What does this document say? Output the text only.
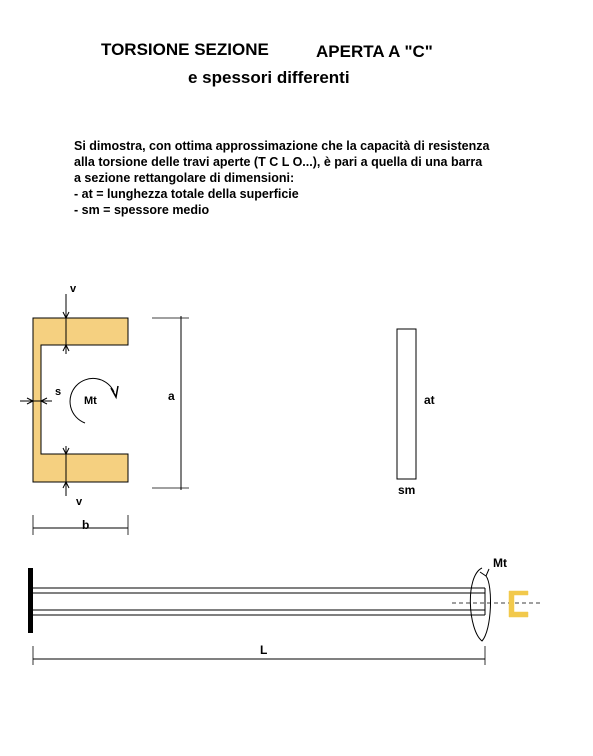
TORSIONE SEZIONE	APERTA A "C"
e spessori differenti
Si dimostra, con ottima approssimazione che la capacità di resistenza
alla torsione delle travi aperte (T C L O...), è pari a quella di una barra
a sezione rettangolare di dimensioni:
- at = lunghezza totale della superficie
- sm = spessore medio
v
v
s
Mt	a
b
at
sm
Mt
L
